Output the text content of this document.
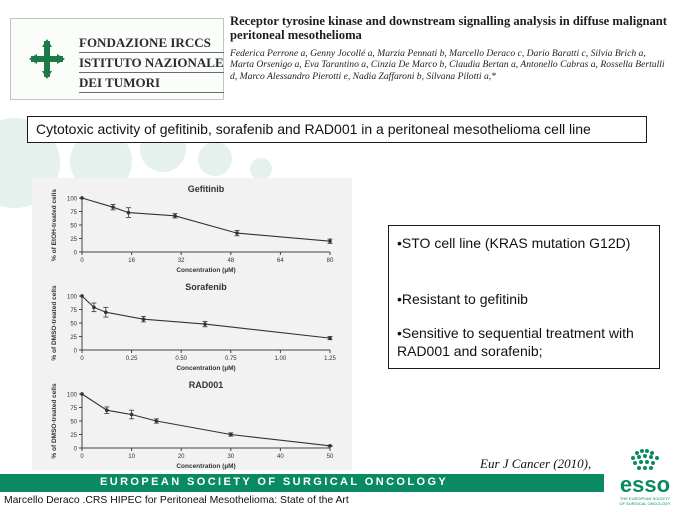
FONDAZIONE IRCCS
ISTITUTO NAZIONALE
DEI TUMORI
Receptor tyrosine kinase and downstream signalling analysis in diffuse malignant peritoneal mesothelioma
Federica Perrone a, Genny Jocollé a, Marzia Pennati b, Marcello Deraco c, Dario Baratti c, Silvia Brich a, Marta Orsenigo a, Eva Tarantino a, Cinzia De Marco b, Claudia Bertan a, Antonello Cabras a, Rossella Bertulli d, Marco Alessandro Pierotti e, Nadia Zaffaroni b, Silvana Pilotti a,*
Cytotoxic activity of gefitinib, sorafenib and RAD001 in a peritoneal mesothelioma cell line
Gefitinib
0
25
50
75
100
0	16	32	48	64	80
Concentration (µM)
% of EtOH-treated cells
Sorafenib
0
25
50
75
100
0	0.25	0.50	0.75	1.00	1.25
Concentration (µM)
% of DMSO-treated cells
RAD001
0
25
50
75
100
0	10	20	30	40	50
Concentration (µM)
% of DMSO-treated cells

•STO cell line (KRAS mutation G12D)

•Resistant to gefitinib

•Sensitive to sequential treatment with RAD001 and sorafenib;

Eur J Cancer (2010),
esso
THE EUROPEAN SOCIETY
OF SURGICAL ONCOLOGY
EUROPEAN SOCIETY OF SURGICAL ONCOLOGY
Marcello Deraco .CRS HIPEC for Peritoneal Mesothelioma: State of the Art
